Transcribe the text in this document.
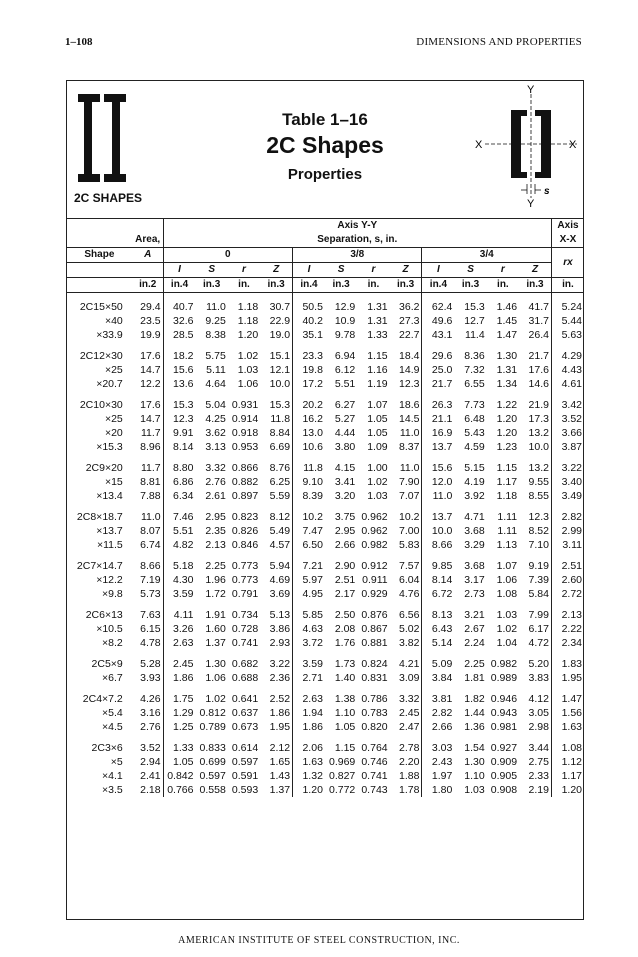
1–108	DIMENSIONS AND PROPERTIES
2C SHAPES
Table 1–16
2C Shapes
Properties
Y
Y
X	X
s
		Axis Y-Y												Axis
	Area,	Separation, s, in.												X-X
Shape	A	0				3/8				3/4				rx
		I	S	r	Z	I	S	r	Z	I	S	r	Z	
	in.2	in.4	in.3	in.	in.3	in.4	in.3	in.	in.3	in.4	in.3	in.	in.3	in.

2C15×50	29.4	40.7	11.0	1.18	30.7	50.5	12.9	1.31	36.2	62.4	15.3	1.46	41.7	5.24
×40	23.5	32.6	9.25	1.18	22.9	40.2	10.9	1.31	27.3	49.6	12.7	1.45	31.7	5.44
×33.9	19.9	28.5	8.38	1.20	19.0	35.1	9.78	1.33	22.7	43.1	11.4	1.47	26.4	5.63

2C12×30	17.6	18.2	5.75	1.02	15.1	23.3	6.94	1.15	18.4	29.6	8.36	1.30	21.7	4.29
×25	14.7	15.6	5.11	1.03	12.1	19.8	6.12	1.16	14.9	25.0	7.32	1.31	17.6	4.43
×20.7	12.2	13.6	4.64	1.06	10.0	17.2	5.51	1.19	12.3	21.7	6.55	1.34	14.6	4.61

2C10×30	17.6	15.3	5.04	0.931	15.3	20.2	6.27	1.07	18.6	26.3	7.73	1.22	21.9	3.42
×25	14.7	12.3	4.25	0.914	11.8	16.2	5.27	1.05	14.5	21.1	6.48	1.20	17.3	3.52
×20	11.7	9.91	3.62	0.918	8.84	13.0	4.44	1.05	11.0	16.9	5.43	1.20	13.2	3.66
×15.3	8.96	8.14	3.13	0.953	6.69	10.6	3.80	1.09	8.37	13.7	4.59	1.23	10.0	3.87

2C9×20	11.7	8.80	3.32	0.866	8.76	11.8	4.15	1.00	11.0	15.6	5.15	1.15	13.2	3.22
×15	8.81	6.86	2.76	0.882	6.25	9.10	3.41	1.02	7.90	12.0	4.19	1.17	9.55	3.40
×13.4	7.88	6.34	2.61	0.897	5.59	8.39	3.20	1.03	7.07	11.0	3.92	1.18	8.55	3.49

2C8×18.7	11.0	7.46	2.95	0.823	8.12	10.2	3.75	0.962	10.2	13.7	4.71	1.11	12.3	2.82
×13.7	8.07	5.51	2.35	0.826	5.49	7.47	2.95	0.962	7.00	10.0	3.68	1.11	8.52	2.99
×11.5	6.74	4.82	2.13	0.846	4.57	6.50	2.66	0.982	5.83	8.66	3.29	1.13	7.10	3.11

2C7×14.7	8.66	5.18	2.25	0.773	5.94	7.21	2.90	0.912	7.57	9.85	3.68	1.07	9.19	2.51
×12.2	7.19	4.30	1.96	0.773	4.69	5.97	2.51	0.911	6.04	8.14	3.17	1.06	7.39	2.60
×9.8	5.73	3.59	1.72	0.791	3.69	4.95	2.17	0.929	4.76	6.72	2.73	1.08	5.84	2.72

2C6×13	7.63	4.11	1.91	0.734	5.13	5.85	2.50	0.876	6.56	8.13	3.21	1.03	7.99	2.13
×10.5	6.15	3.26	1.60	0.728	3.86	4.63	2.08	0.867	5.02	6.43	2.67	1.02	6.17	2.22
×8.2	4.78	2.63	1.37	0.741	2.93	3.72	1.76	0.881	3.82	5.14	2.24	1.04	4.72	2.34

2C5×9	5.28	2.45	1.30	0.682	3.22	3.59	1.73	0.824	4.21	5.09	2.25	0.982	5.20	1.83
×6.7	3.93	1.86	1.06	0.688	2.36	2.71	1.40	0.831	3.09	3.84	1.81	0.989	3.83	1.95

2C4×7.2	4.26	1.75	1.02	0.641	2.52	2.63	1.38	0.786	3.32	3.81	1.82	0.946	4.12	1.47
×5.4	3.16	1.29	0.812	0.637	1.86	1.94	1.10	0.783	2.45	2.82	1.44	0.943	3.05	1.56
×4.5	2.76	1.25	0.789	0.673	1.95	1.86	1.05	0.820	2.47	2.66	1.36	0.981	2.98	1.63

2C3×6	3.52	1.33	0.833	0.614	2.12	2.06	1.15	0.764	2.78	3.03	1.54	0.927	3.44	1.08
×5	2.94	1.05	0.699	0.597	1.65	1.63	0.969	0.746	2.20	2.43	1.30	0.909	2.75	1.12
×4.1	2.41	0.842	0.597	0.591	1.43	1.32	0.827	0.741	1.88	1.97	1.10	0.905	2.33	1.17
×3.5	2.18	0.766	0.558	0.593	1.37	1.20	0.772	0.743	1.78	1.80	1.03	0.908	2.19	1.20
AMERICAN INSTITUTE OF STEEL CONSTRUCTION, INC.
